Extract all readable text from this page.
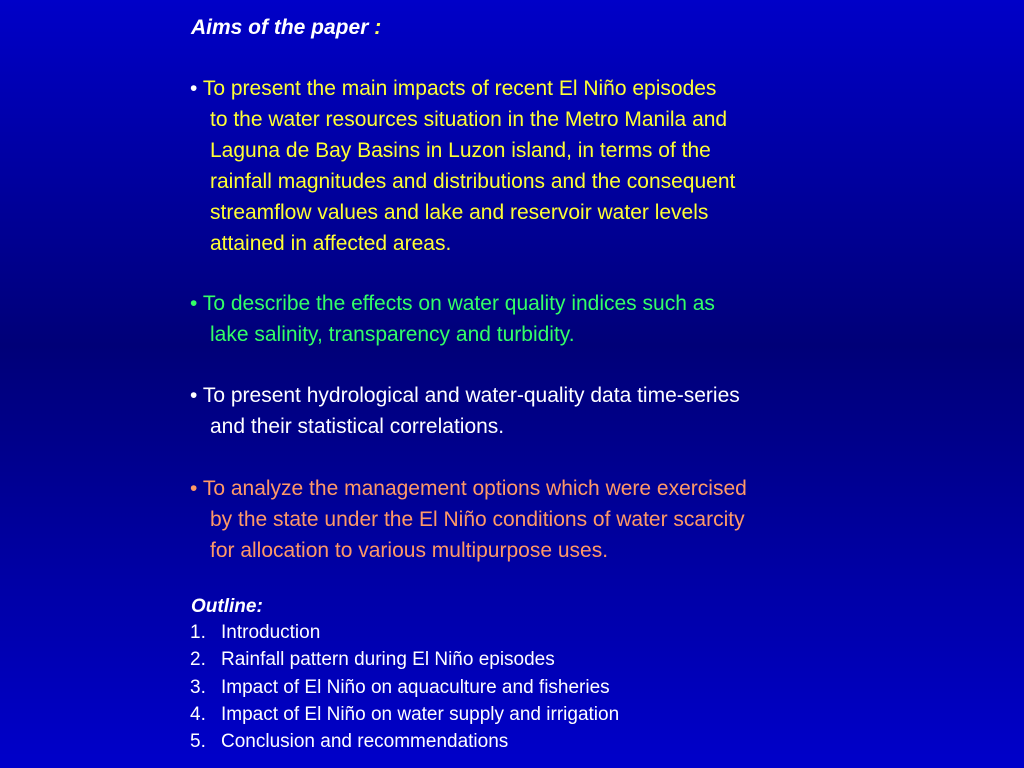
Aims of the paper :
• To present the main impacts of recent El Niño episodes
to the water resources situation in the Metro Manila and
Laguna de Bay Basins in Luzon island, in terms of the
rainfall magnitudes and distributions and the consequent
streamflow values and lake and reservoir water levels
attained in affected areas.
• To describe the effects on water quality indices such as
lake salinity, transparency and turbidity.
• To present hydrological and water-quality data time-series
and their statistical correlations.
• To analyze the management options which were exercised
by the state under the El Niño conditions of water scarcity
for allocation to various multipurpose uses.
Outline:
1. Introduction
2. Rainfall pattern during El Niño episodes
3. Impact of El Niño on aquaculture and fisheries
4. Impact of El Niño on water supply and irrigation
5. Conclusion and recommendations
